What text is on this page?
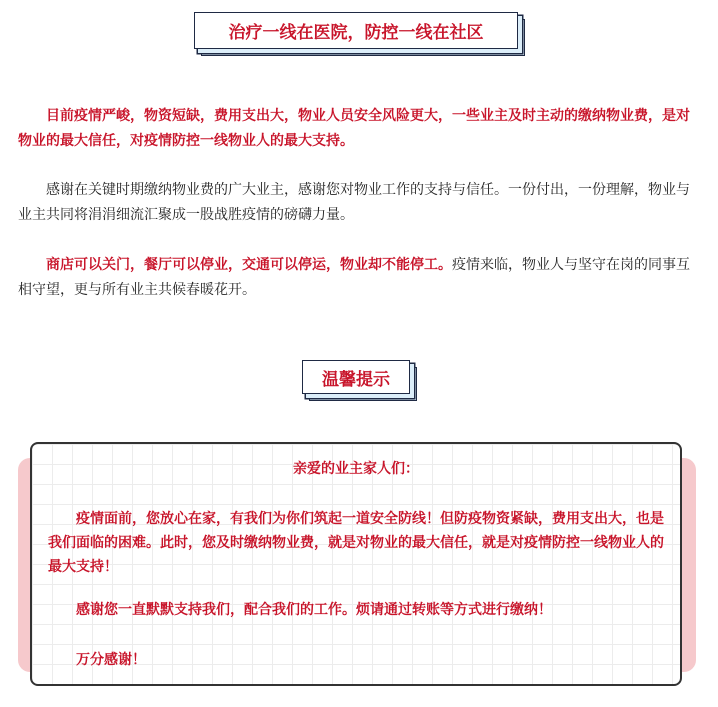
治疗一线在医院，防控一线在社区

目前疫情严峻，物资短缺，费用支出大，物业人员安全风险更大，一些业主及时主动的缴纳物业费，是对物业的最大信任，对疫情防控一线物业人的最大支持。

感谢在关键时期缴纳物业费的广大业主，感谢您对物业工作的支持与信任。一份付出，一份理解，物业与业主共同将涓涓细流汇聚成一股战胜疫情的磅礴力量。

商店可以关门，餐厅可以停业，交通可以停运，物业却不能停工。疫情来临，物业人与坚守在岗的同事互相守望，更与所有业主共候春暖花开。

温馨提示

亲爱的业主家人们：

疫情面前，您放心在家，有我们为你们筑起一道安全防线！但防疫物资紧缺，费用支出大，也是我们面临的困难。此时，您及时缴纳物业费，就是对物业的最大信任，就是对疫情防控一线物业人的最大支持！

感谢您一直默默支持我们，配合我们的工作。烦请通过转账等方式进行缴纳！

万分感谢！
